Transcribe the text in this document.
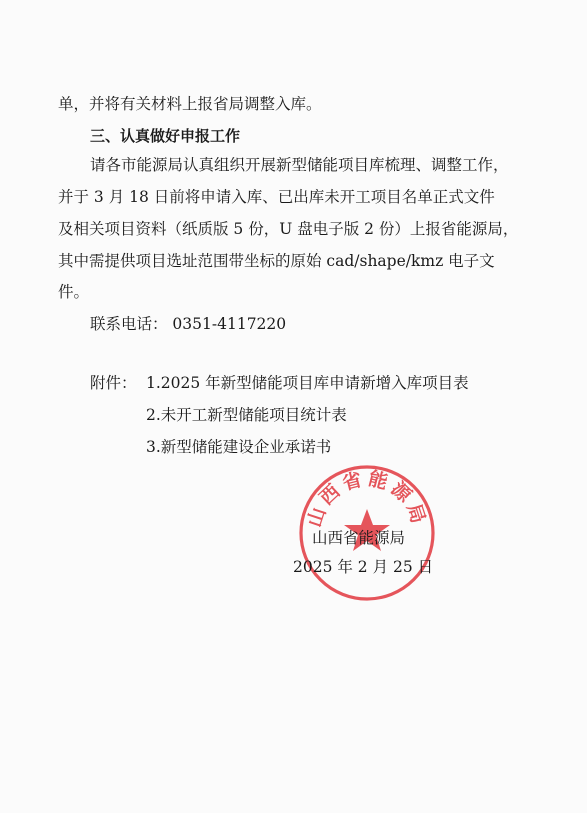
单，并将有关材料上报省局调整入库。
三、认真做好申报工作
请各市能源局认真组织开展新型储能项目库梳理、调整工作，
并于 3 月 18 日前将申请入库、已出库未开工项目名单正式文件
及相关项目资料（纸质版 5 份，U 盘电子版 2 份）上报省能源局，
其中需提供项目选址范围带坐标的原始 cad/shape/kmz 电子文
件。
联系电话： 0351-4117220
附件： 1.2025 年新型储能项目库申请新增入库项目表
2.未开工新型储能项目统计表
3.新型储能建设企业承诺书
山西省能源局
山西省能源局
2025 年 2 月 25 日
